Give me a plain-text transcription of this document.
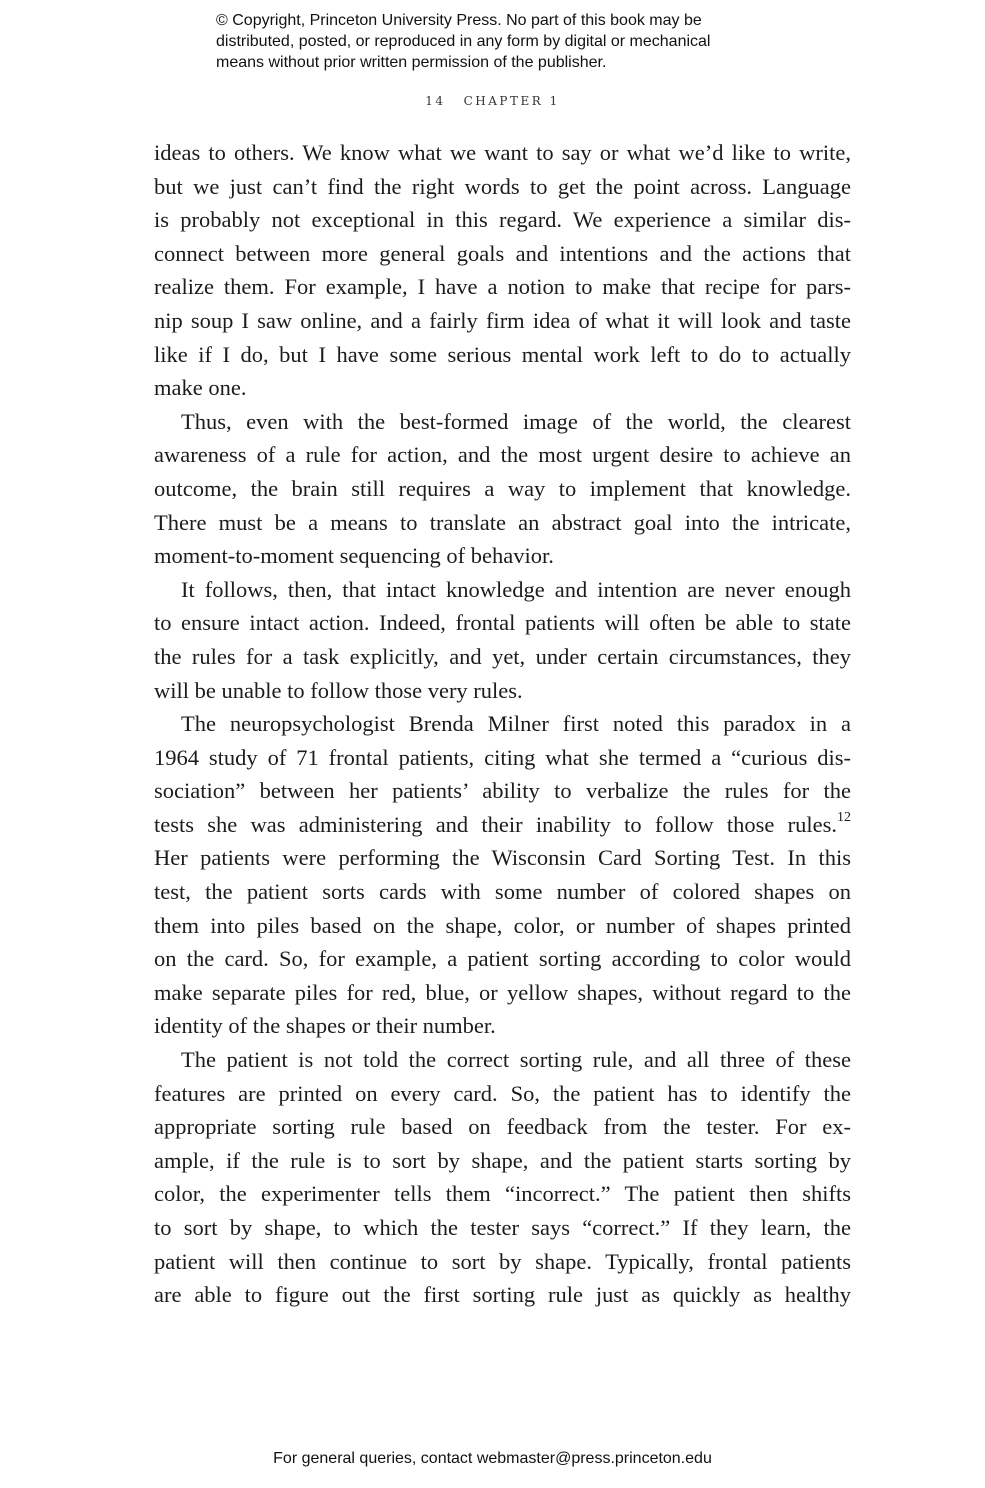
© Copyright, Princeton University Press. No part of this book may be
distributed, posted, or reproduced in any form by digital or mechanical
means without prior written permission of the publisher.
14 CHAPTER 1
ideas to others. We know what we want to say or what we’d like to write,
but we just can’t find the right words to get the point across. Language
is probably not exceptional in this regard. We experience a similar dis-
connect between more general goals and intentions and the actions that
realize them. For example, I have a notion to make that recipe for pars-
nip soup I saw online, and a fairly firm idea of what it will look and taste
like if I do, but I have some serious mental work left to do to actually
make one.
Thus, even with the best-formed image of the world, the clearest
awareness of a rule for action, and the most urgent desire to achieve an
outcome, the brain still requires a way to implement that knowledge.
There must be a means to translate an abstract goal into the intricate,
moment-to-moment sequencing of behavior.
It follows, then, that intact knowledge and intention are never enough
to ensure intact action. Indeed, frontal patients will often be able to state
the rules for a task explicitly, and yet, under certain circumstances, they
will be unable to follow those very rules.
The neuropsychologist Brenda Milner first noted this paradox in a
1964 study of 71 frontal patients, citing what she termed a “curious dis-
sociation” between her patients’ ability to verbalize the rules for the
tests she was administering and their inability to follow those rules.$^{12}$
Her patients were performing the Wisconsin Card Sorting Test. In this
test, the patient sorts cards with some number of colored shapes on
them into piles based on the shape, color, or number of shapes printed
on the card. So, for example, a patient sorting according to color would
make separate piles for red, blue, or yellow shapes, without regard to the
identity of the shapes or their number.
The patient is not told the correct sorting rule, and all three of these
features are printed on every card. So, the patient has to identify the
appropriate sorting rule based on feedback from the tester. For ex-
ample, if the rule is to sort by shape, and the patient starts sorting by
color, the experimenter tells them “incorrect.” The patient then shifts
to sort by shape, to which the tester says “correct.” If they learn, the
patient will then continue to sort by shape. Typically, frontal patients
are able to figure out the first sorting rule just as quickly as healthy
For general queries, contact webmaster@press.princeton.edu
